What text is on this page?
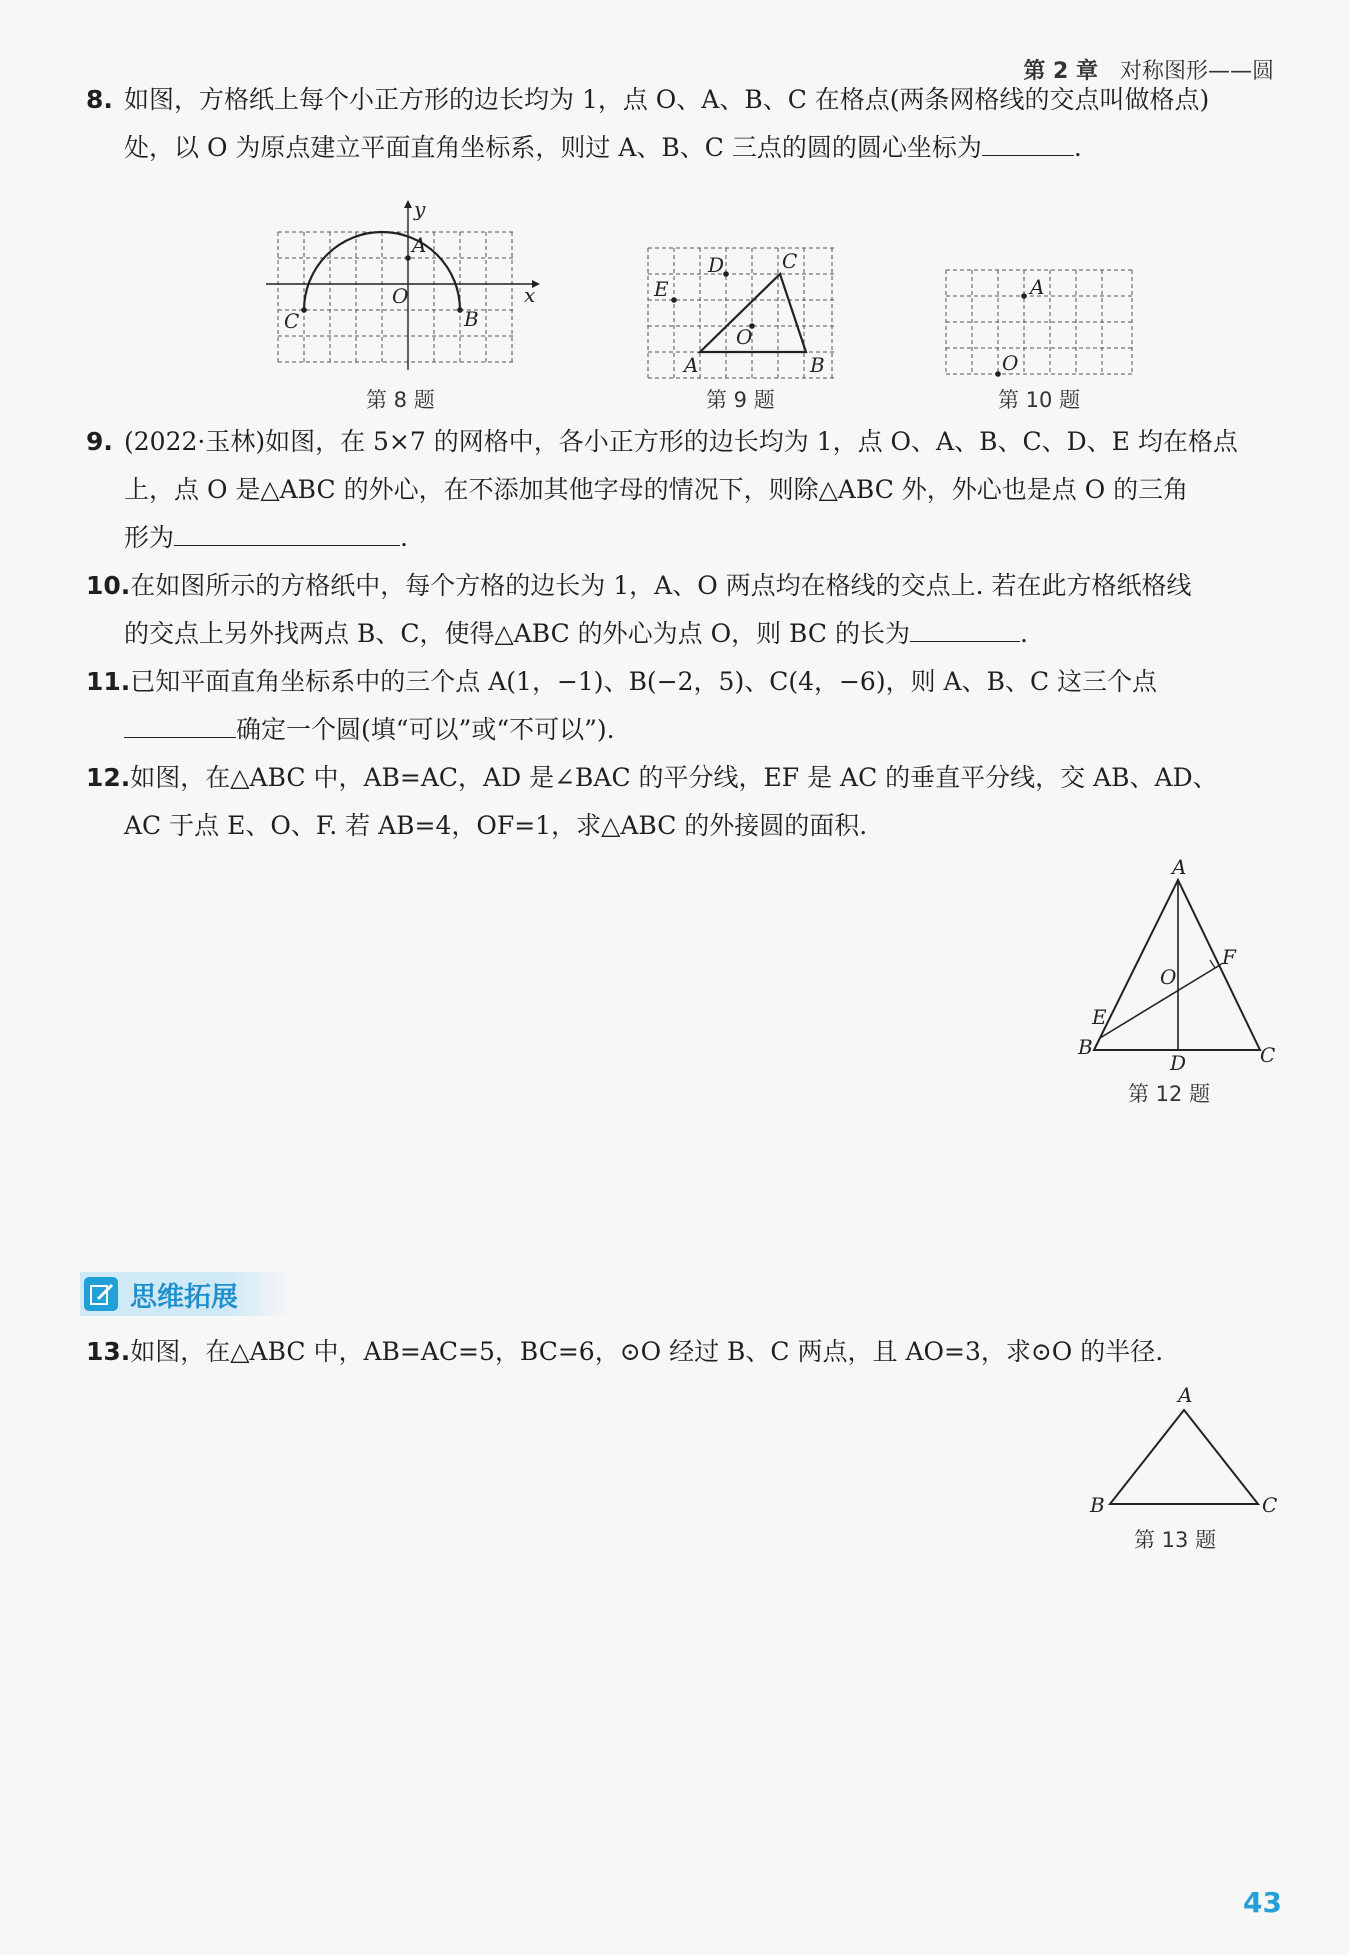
第 2 章 对称图形——圆
8. 如图，方格纸上每个小正方形的边长均为 1，点 O、A、B、C 在格点(两条网格线的交点叫做格点)
处，以 O 为原点建立平面直角坐标系，则过 A、B、C 三点的圆的圆心坐标为	.
y
A
O	x
C	B
第 8 题
D	C
E
O
A	B
第 9 题
A
O
第 10 题
9. (2022·玉林)如图，在 5×7 的网格中，各小正方形的边长均为 1，点 O、A、B、C、D、E 均在格点
上，点 O 是△ABC 的外心，在不添加其他字母的情况下，则除△ABC 外，外心也是点 O 的三角
形为	.
10.在如图所示的方格纸中，每个方格的边长为 1，A、O 两点均在格线的交点上. 若在此方格纸格线
的交点上另外找两点 B、C，使得△ABC 的外心为点 O，则 BC 的长为	.
11.已知平面直角坐标系中的三个点 A(1，−1)、B(−2，5)、C(4，−6)，则 A、B、C 这三个点
确定一个圆(填“可以”或“不可以”).
12.如图，在△ABC 中，AB=AC，AD 是∠BAC 的平分线，EF 是 AC 的垂直平分线，交 AB、AD、
AC 于点 E、O、F. 若 AB=4，OF=1，求△ABC 的外接圆的面积.
A
F
O
E
B
D	C
第 12 题
思维拓展
13.如图，在△ABC 中，AB=AC=5，BC=6，⊙O 经过 B、C 两点，且 AO=3，求⊙O 的半径.
A
B	C
第 13 题
43
